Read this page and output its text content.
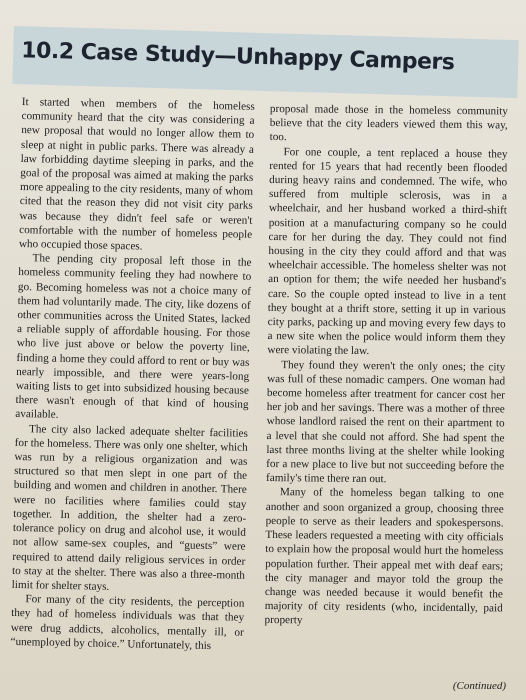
10.2 Case Study—Unhappy Campers

It started when members of the homeless community heard that the city was considering a new proposal that would no longer allow them to sleep at night in public parks. There was already a law forbidding daytime sleeping in parks, and the goal of the proposal was aimed at making the parks more appealing to the city residents, many of whom cited that the reason they did not visit city parks was because they didn't feel safe or weren't comfortable with the number of homeless people who occupied those spaces.

The pending city proposal left those in the homeless community feeling they had nowhere to go. Becoming homeless was not a choice many of them had voluntarily made. The city, like dozens of other communities across the United States, lacked a reliable supply of affordable housing. For those who live just above or below the poverty line, finding a home they could afford to rent or buy was nearly impossible, and there were years-long waiting lists to get into subsidized housing because there wasn't enough of that kind of housing available.

The city also lacked adequate shelter facilities for the homeless. There was only one shelter, which was run by a religious organization and was structured so that men slept in one part of the building and women and children in another. There were no facilities where families could stay together. In addition, the shelter had a zero-tolerance policy on drug and alcohol use, it would not allow same-sex couples, and “guests” were required to attend daily religious services in order to stay at the shelter. There was also a three-month limit for shelter stays.

For many of the city residents, the perception they had of homeless individuals was that they were drug addicts, alcoholics, mentally ill, or “unemployed by choice.” Unfortunately, this

proposal made those in the homeless community believe that the city leaders viewed them this way, too.

For one couple, a tent replaced a house they rented for 15 years that had recently been flooded during heavy rains and condemned. The wife, who suffered from multiple sclerosis, was in a wheelchair, and her husband worked a third-shift position at a manufacturing company so he could care for her during the day. They could not find housing in the city they could afford and that was wheelchair accessible. The homeless shelter was not an option for them; the wife needed her husband's care. So the couple opted instead to live in a tent they bought at a thrift store, setting it up in various city parks, packing up and moving every few days to a new site when the police would inform them they were violating the law.

They found they weren't the only ones; the city was full of these nomadic campers. One woman had become homeless after treatment for cancer cost her her job and her savings. There was a mother of three whose landlord raised the rent on their apartment to a level that she could not afford. She had spent the last three months living at the shelter while looking for a new place to live but not succeeding before the family's time there ran out.

Many of the homeless began talking to one another and soon organized a group, choosing three people to serve as their leaders and spokespersons. These leaders requested a meeting with city officials to explain how the proposal would hurt the homeless population further. Their appeal met with deaf ears; the city manager and mayor told the group the change was needed because it would benefit the majority of city residents (who, incidentally, paid property

(Continued)
